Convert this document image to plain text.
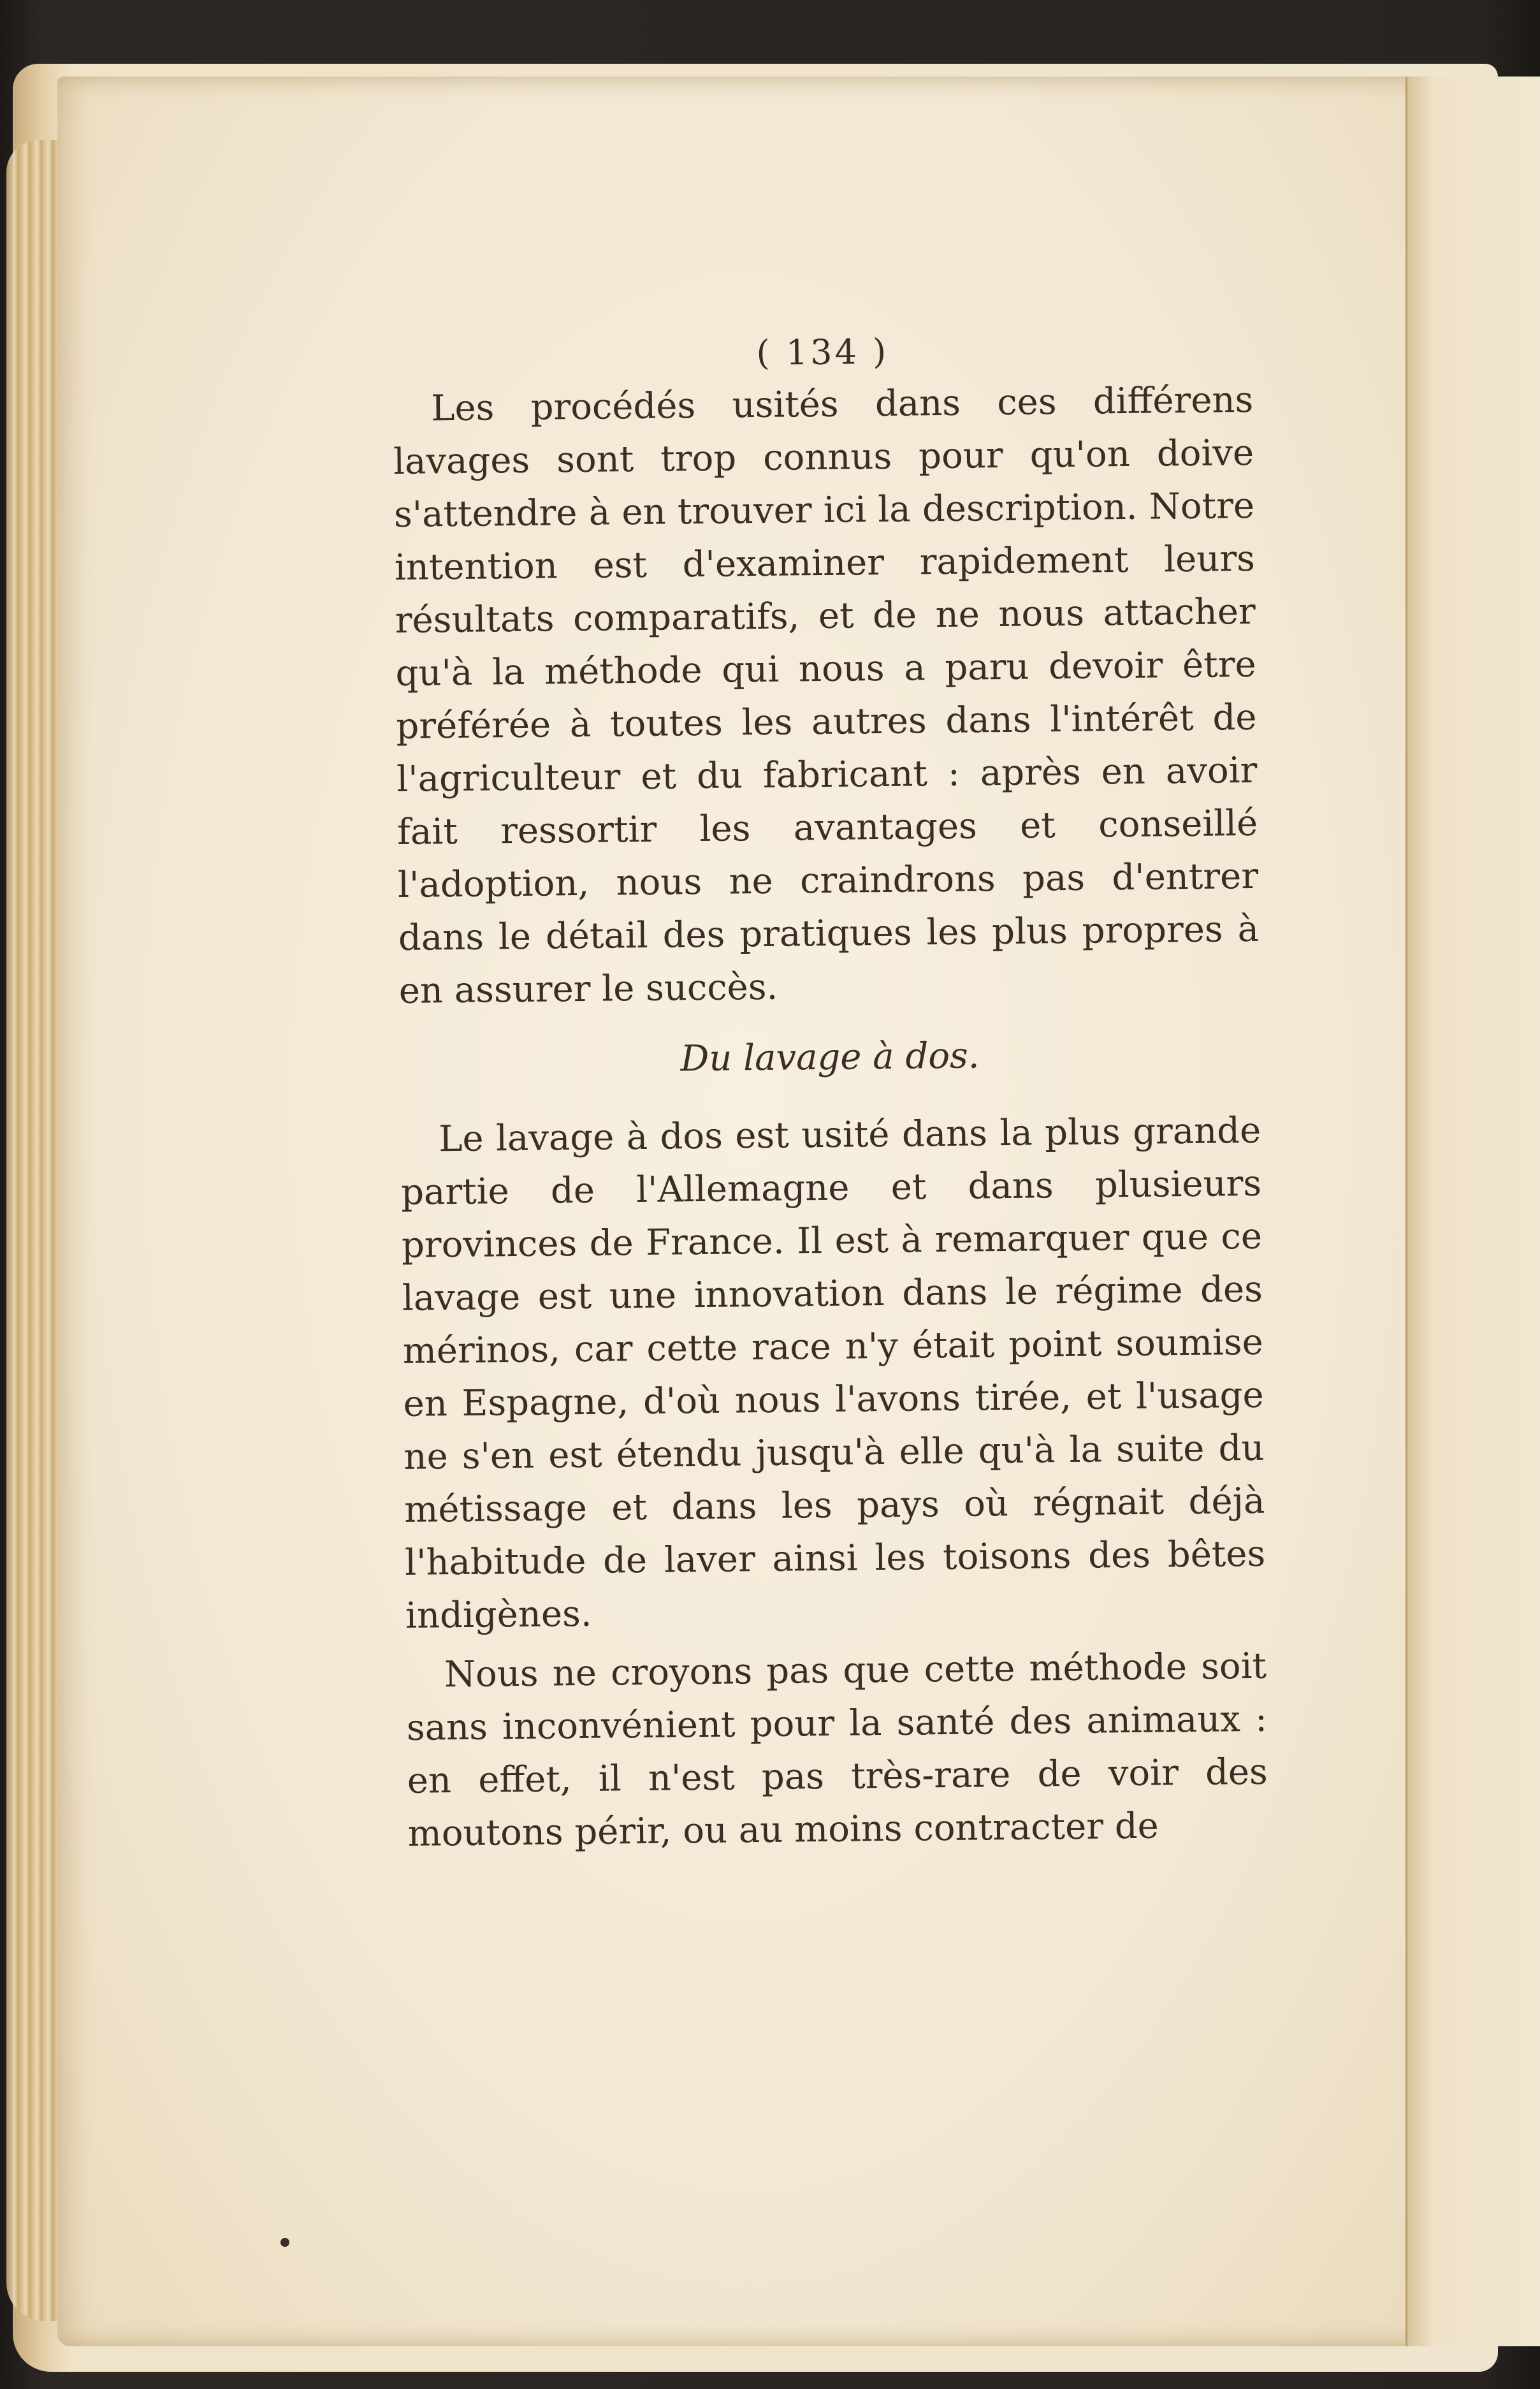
( 134 )

Les procédés usités dans ces différens lavages sont trop connus pour qu'on doive s'attendre à en trouver ici la description. Notre intention est d'examiner rapidement leurs résultats comparatifs, et de ne nous attacher qu'à la méthode qui nous a paru devoir être préférée à toutes les autres dans l'intérêt de l'agriculteur et du fabricant : après en avoir fait ressortir les avantages et conseillé l'adoption, nous ne craindrons pas d'entrer dans le détail des pratiques les plus propres à en assurer le succès.

Du lavage à dos.

Le lavage à dos est usité dans la plus grande partie de l'Allemagne et dans plusieurs provinces de France. Il est à remarquer que ce lavage est une innovation dans le régime des mérinos, car cette race n'y était point soumise en Espagne, d'où nous l'avons tirée, et l'usage ne s'en est étendu jusqu'à elle qu'à la suite du métissage et dans les pays où régnait déjà l'habitude de laver ainsi les toisons des bêtes indigènes.

Nous ne croyons pas que cette méthode soit sans inconvénient pour la santé des animaux : en effet, il n'est pas très-rare de voir des moutons périr, ou au moins contracter de
